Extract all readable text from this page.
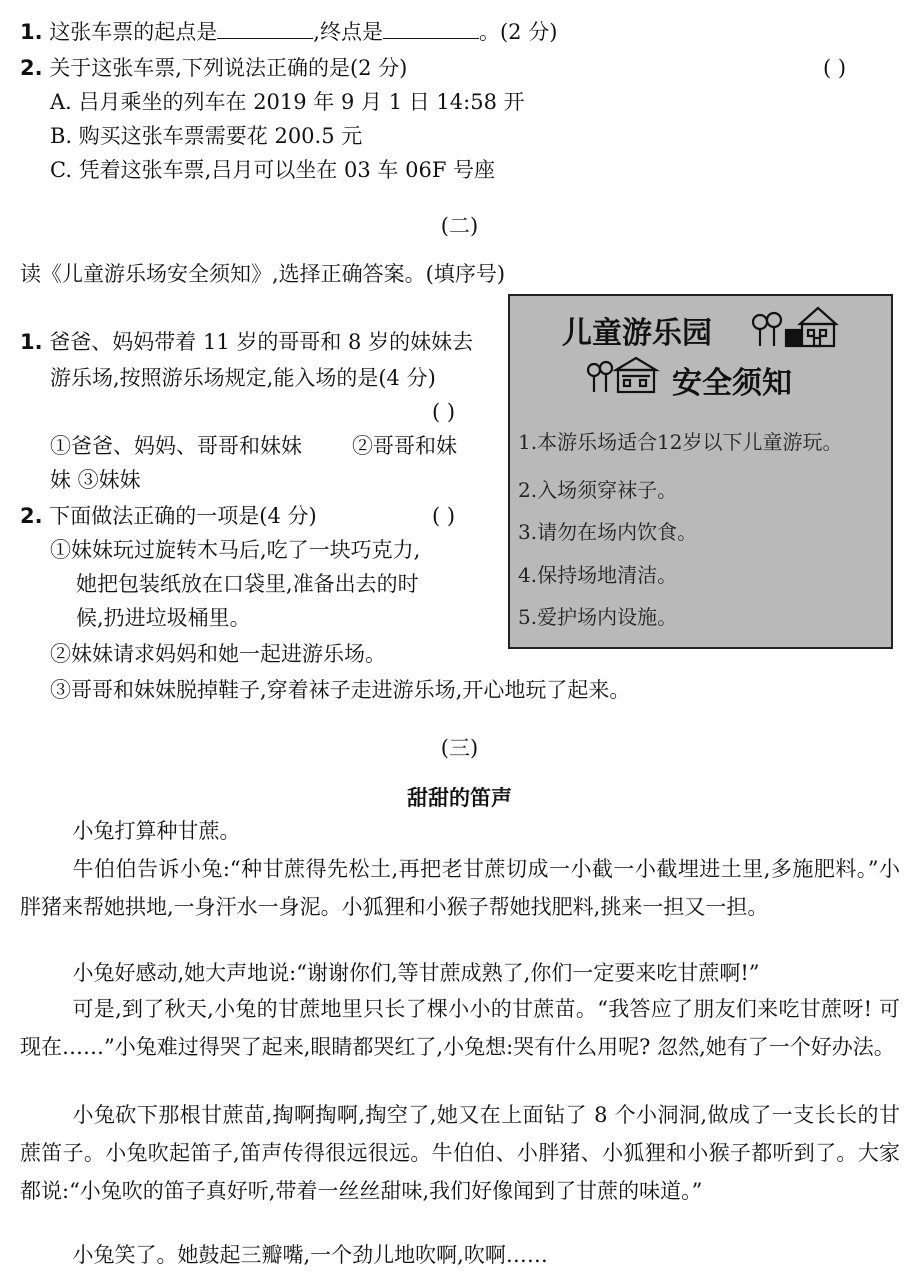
1. 这张车票的起点是	,终点是	。(2 分)
2. 关于这张车票,下列说法正确的是(2 分)	( )
A. 吕月乘坐的列车在 2019 年 9 月 1 日 14:58 开
B. 购买这张车票需要花 200.5 元
C. 凭着这张车票,吕月可以坐在 03 车 06F 号座
(二)
读《儿童游乐场安全须知》,选择正确答案。(填序号)
1. 爸爸、妈妈带着 11 岁的哥哥和 8 岁的妹妹去
游乐场,按照游乐场规定,能入场的是(4 分)
( )
①爸爸、妈妈、哥哥和妹妹 ②哥哥和妹
妹 ③妹妹
2. 下面做法正确的一项是(4 分)	( )
①妹妹玩过旋转木马后,吃了一块巧克力,
她把包装纸放在口袋里,准备出去的时
候,扔进垃圾桶里。
②妹妹请求妈妈和她一起进游乐场。
③哥哥和妹妹脱掉鞋子,穿着袜子走进游乐场,开心地玩了起来。
儿童游乐园
安全须知
1.本游乐场适合12岁以下儿童游玩。
2.入场须穿袜子。
3.请勿在场内饮食。
4.保持场地清洁。
5.爱护场内设施。
(三)
甜甜的笛声
小兔打算种甘蔗。
牛伯伯告诉小兔:“种甘蔗得先松土,再把老甘蔗切成一小截一小截埋进土里,多施肥料。”小胖猪来帮她拱地,一身汗水一身泥。小狐狸和小猴子帮她找肥料,挑来一担又一担。
小兔好感动,她大声地说:“谢谢你们,等甘蔗成熟了,你们一定要来吃甘蔗啊!”
可是,到了秋天,小兔的甘蔗地里只长了棵小小的甘蔗苗。“我答应了朋友们来吃甘蔗呀! 可现在……”小兔难过得哭了起来,眼睛都哭红了,小兔想:哭有什么用呢? 忽然,她有了一个好办法。
小兔砍下那根甘蔗苗,掏啊掏啊,掏空了,她又在上面钻了 8 个小洞洞,做成了一支长长的甘蔗笛子。小兔吹起笛子,笛声传得很远很远。牛伯伯、小胖猪、小狐狸和小猴子都听到了。大家都说:“小兔吹的笛子真好听,带着一丝丝甜味,我们好像闻到了甘蔗的味道。”
小兔笑了。她鼓起三瓣嘴,一个劲儿地吹啊,吹啊……
